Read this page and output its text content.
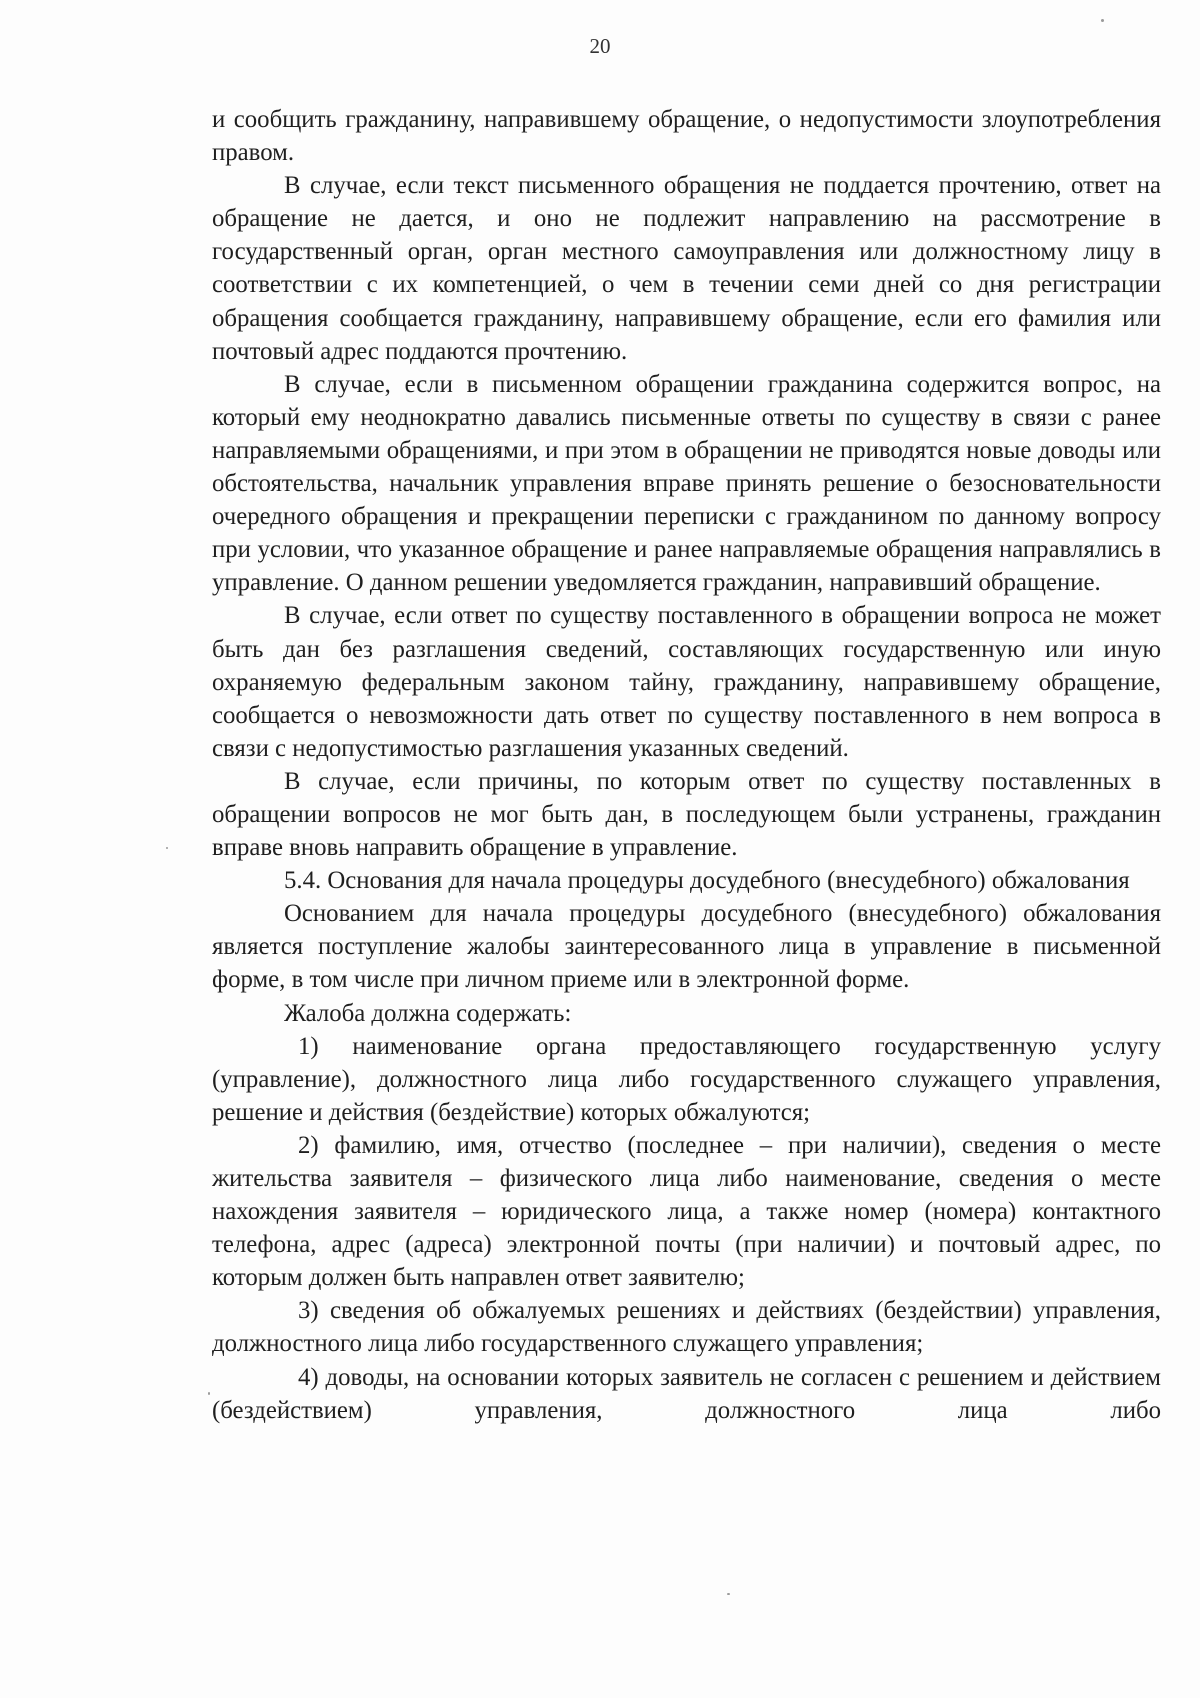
20

и сообщить гражданину, направившему обращение, о недопустимости злоупотребления правом.

В случае, если текст письменного обращения не поддается прочтению, ответ на обращение не дается, и оно не подлежит направлению на рассмотрение в государственный орган, орган местного самоуправления или должностному лицу в соответствии с их компетенцией, о чем в течении семи дней со дня регистрации обращения сообщается гражданину, направившему обращение, если его фамилия или почтовый адрес поддаются прочтению.

В случае, если в письменном обращении гражданина содержится вопрос, на который ему неоднократно давались письменные ответы по существу в связи с ранее направляемыми обращениями, и при этом в обращении не приводятся новые доводы или обстоятельства, начальник управления вправе принять решение о безосновательности очередного обращения и прекращении переписки с гражданином по данному вопросу при условии, что указанное обращение и ранее направляемые обращения направлялись в управление. О данном решении уведомляется гражданин, направивший обращение.

В случае, если ответ по существу поставленного в обращении вопроса не может быть дан без разглашения сведений, составляющих государственную или иную охраняемую федеральным законом тайну, гражданину, направившему обращение, сообщается о невозможности дать ответ по существу поставленного в нем вопроса в связи с недопустимостью разглашения указанных сведений.

В случае, если причины, по которым ответ по существу поставленных в обращении вопросов не мог быть дан, в последующем были устранены, гражданин вправе вновь направить обращение в управление.

5.4. Основания для начала процедуры досудебного (внесудебного) обжалования

Основанием для начала процедуры досудебного (внесудебного) обжалования является поступление жалобы заинтересованного лица в управление в письменной форме, в том числе при личном приеме или в электронной форме.

Жалоба должна содержать:

1) наименование органа предоставляющего государственную услугу (управление), должностного лица либо государственного служащего управления, решение и действия (бездействие) которых обжалуются;

2) фамилию, имя, отчество (последнее – при наличии), сведения о месте жительства заявителя – физического лица либо наименование, сведения о месте нахождения заявителя – юридического лица, а также номер (номера) контактного телефона, адрес (адреса) электронной почты (при наличии) и почтовый адрес, по которым должен быть направлен ответ заявителю;

3) сведения об обжалуемых решениях и действиях (бездействии) управления, должностного лица либо государственного служащего управления;

4) доводы, на основании которых заявитель не согласен с решением и действием (бездействием) управления, должностного лица либо
